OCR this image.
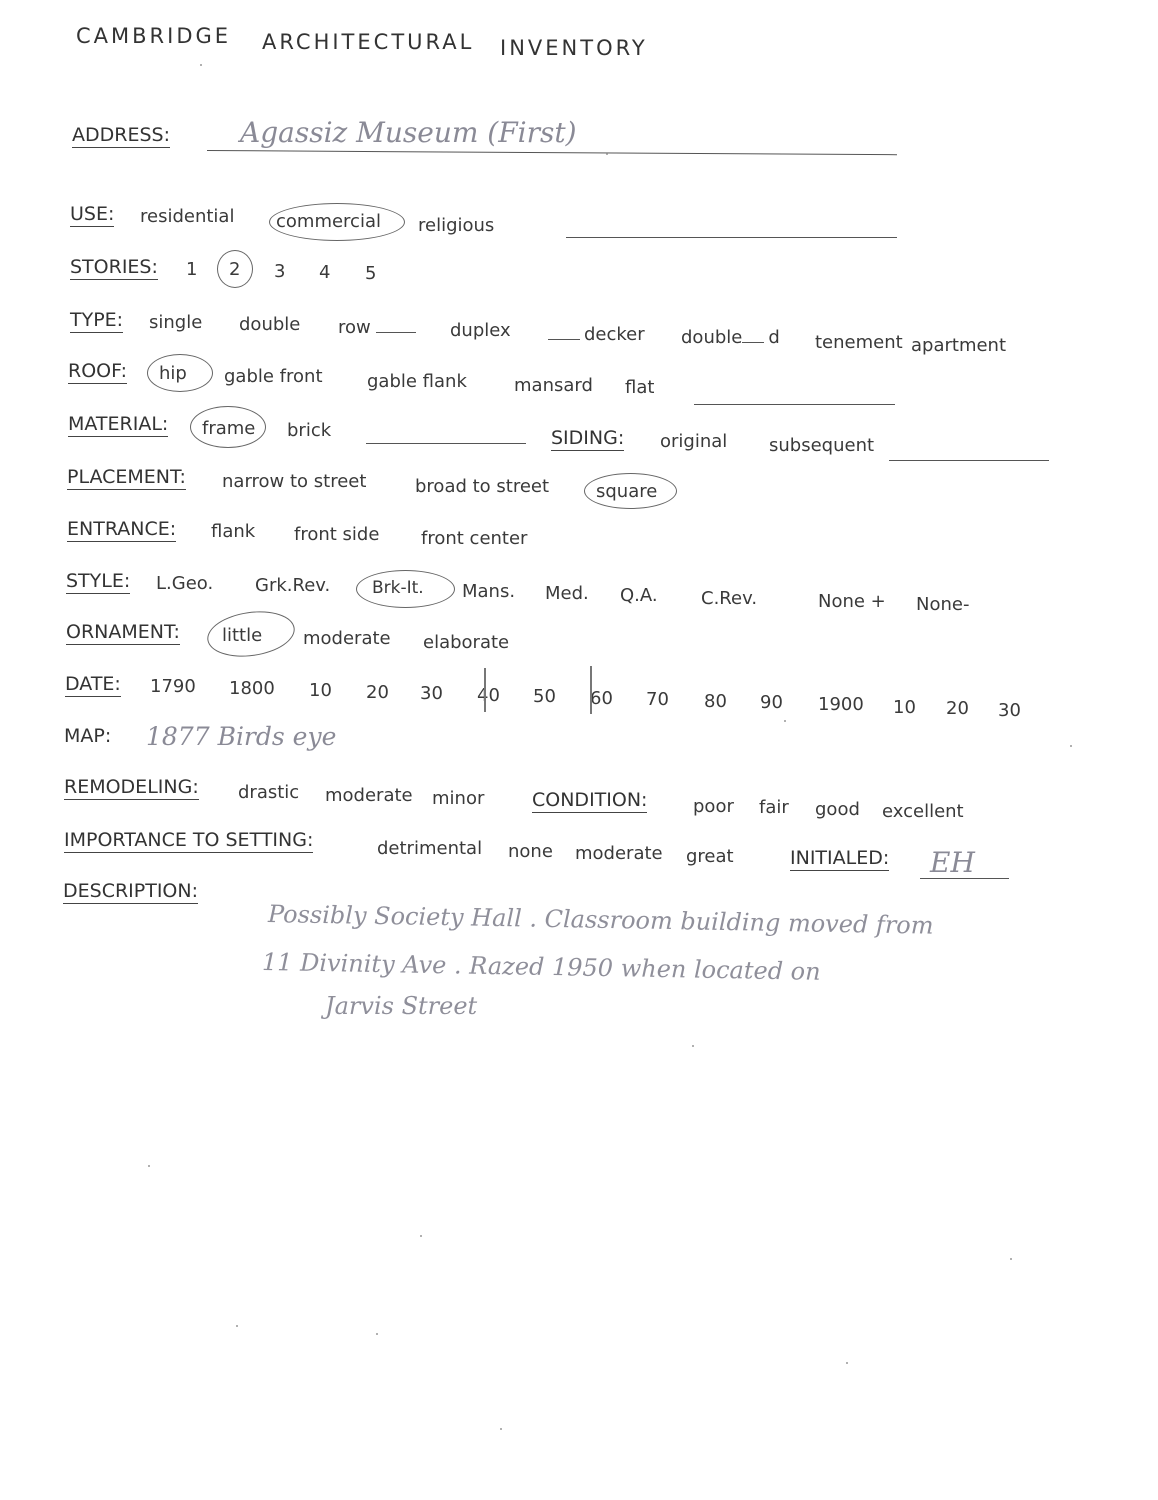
CAMBRIDGE ARCHITECTURAL INVENTORY
ADDRESS:	Agassiz Museum (First)
USE: residential commercial religious
STORIES: 1 2 3 4 5
TYPE: single double row	duplex	decker double d tenement apartment
ROOF: hip gable front gable flank	mansard flat
MATERIAL: frame brick	SIDING: original subsequent
PLACEMENT: narrow to street	broad to street	square
ENTRANCE: flank front side front center
STYLE: L.Geo. Grk.Rev. Brk-It. Mans. Med. Q.A. C.Rev.	None + None-
ORNAMENT: little moderate elaborate
DATE: 1790 1800 10 20 30 40 50 60 70 80 90 1900 10 20 30
MAP: 1877 Birds eye
REMODELING: drastic moderate minor	CONDITION:	poor fair good excellent
IMPORTANCE TO SETTING:	detrimental none moderate great	INITIALED: EH
DESCRIPTION:
Possibly Society Hall . Classroom building moved from
11 Divinity Ave . Razed 1950 when located on
Jarvis Street
